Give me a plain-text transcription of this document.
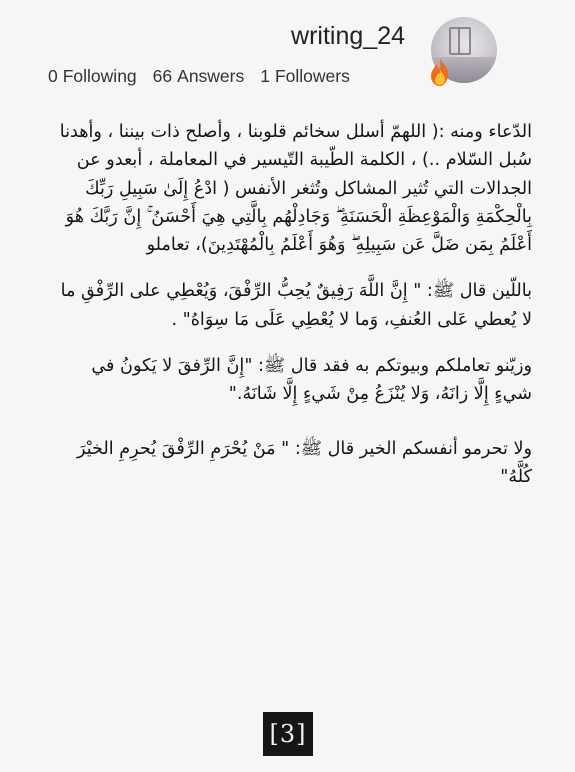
writing_24
0 Following 66 Answers 1 Followers

الدّعاء ومنه :( اللهمّ أسلل سخائم قلوبنا ، وأصلح ذات بيننا ، وأهدنا سُبل السّلام ..) ، الكلمة الطّيبة التّيسير في المعاملة ، أبعدو عن الجدالات التي تُثير المشاكل وتُثغر الأنفس ( ادْعُ إِلَىٰ سَبِيلِ رَبِّكَ بِالْحِكْمَةِ وَالْمَوْعِظَةِ الْحَسَنَةِ ۖ وَجَادِلْهُم بِالَّتِي هِيَ أَحْسَنُ ۚ إِنَّ رَبَّكَ هُوَ أَعْلَمُ بِمَن ضَلَّ عَن سَبِيلِهِ ۖ وَهُوَ أَعْلَمُ بِالْمُهْتَدِينَ)، تعاملو

باللّين قال ﷺ: " إِنَّ اللَّهَ رَفِيقٌ يُحِبُّ الرِّفْقَ، وَيُعْطِي على الرِّفْقِ ما لا يُعطي عَلى العُنفِ، وَما لا يُعْطِي عَلَى مَا سِوَاهُ" .

وزيّنو تعاملكم وبيوتكم به فقد قال ﷺ: "إِنَّ الرِّفقَ لا يَكونُ في شيءٍ إِلَّا زانَهُ، وَلا يُنْزَعُ مِنْ شَيءٍ إِلَّا شَانَهُ."

ولا تحرمو أنفسكم الخير قال ﷺ: " مَنْ يُحْرَمِ الرِّفْقَ يُحرِمِ الخيْرَ كُلَّهُ"

[3]
